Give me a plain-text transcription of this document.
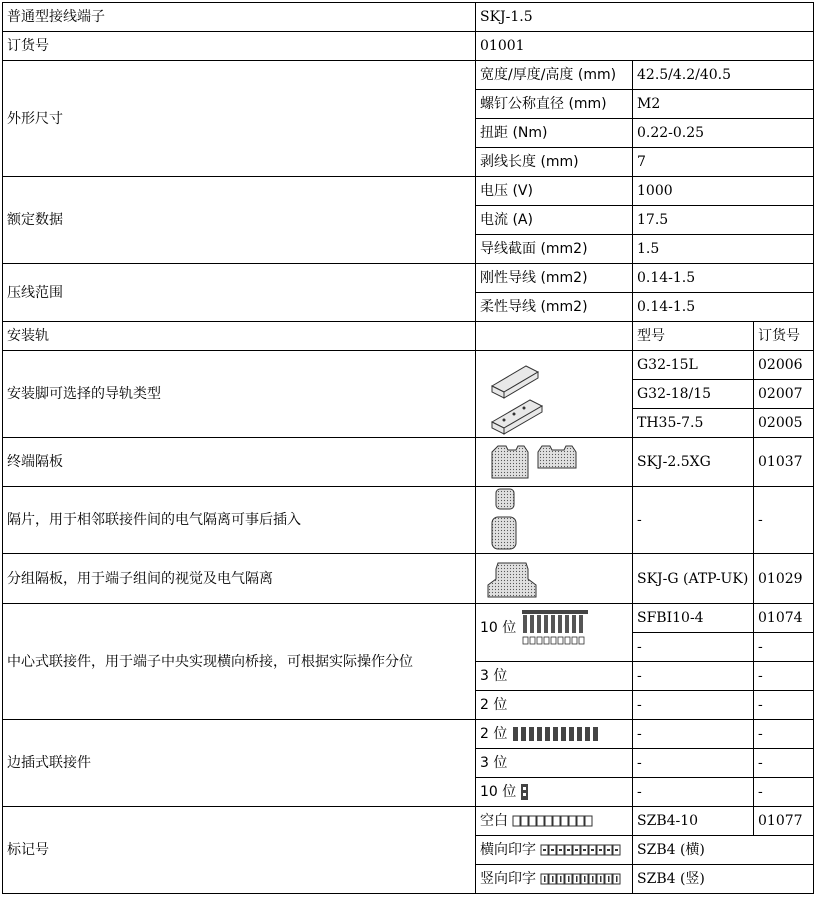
普通型接线端子	SKJ-1.5		
订货号	01001		
外形尺寸	宽度/厚度/高度 (mm)	42.5/4.2/40.5	
	螺钉公称直径 (mm)	M2	
	扭距 (Nm)	0.22-0.25	
	剥线长度 (mm)	7	
额定数据	电压 (V)	1000	
	电流 (A)	17.5	
	导线截面 (mm2)	1.5	
压线范围	刚性导线 (mm2)	0.14-1.5	
	柔性导线 (mm2)	0.14-1.5	
安装轨		型号	订货号
安装脚可选择的导轨类型		G32-15L	02006
		G32-18/15	02007
		TH35-7.5	02005
终端隔板		SKJ-2.5XG	01037
隔片，用于相邻联接件间的电气隔离可事后插入		-	-
分组隔板，用于端子组间的视觉及电气隔离		SKJ-G (ATP-UK)	01029
中心式联接件，用于端子中央实现横向桥接，可根据实际操作分位	10 位	SFBI10-4	01074
		-	-
	3 位	-	-
	2 位	-	-
边插式联接件	2 位	-	-
	3 位	-	-

	10 位	-	-
标记号	空白	SZB4-10	01077

	横向印字	SZB4 (横)	

	竖向印字	SZB4 (竖)	
